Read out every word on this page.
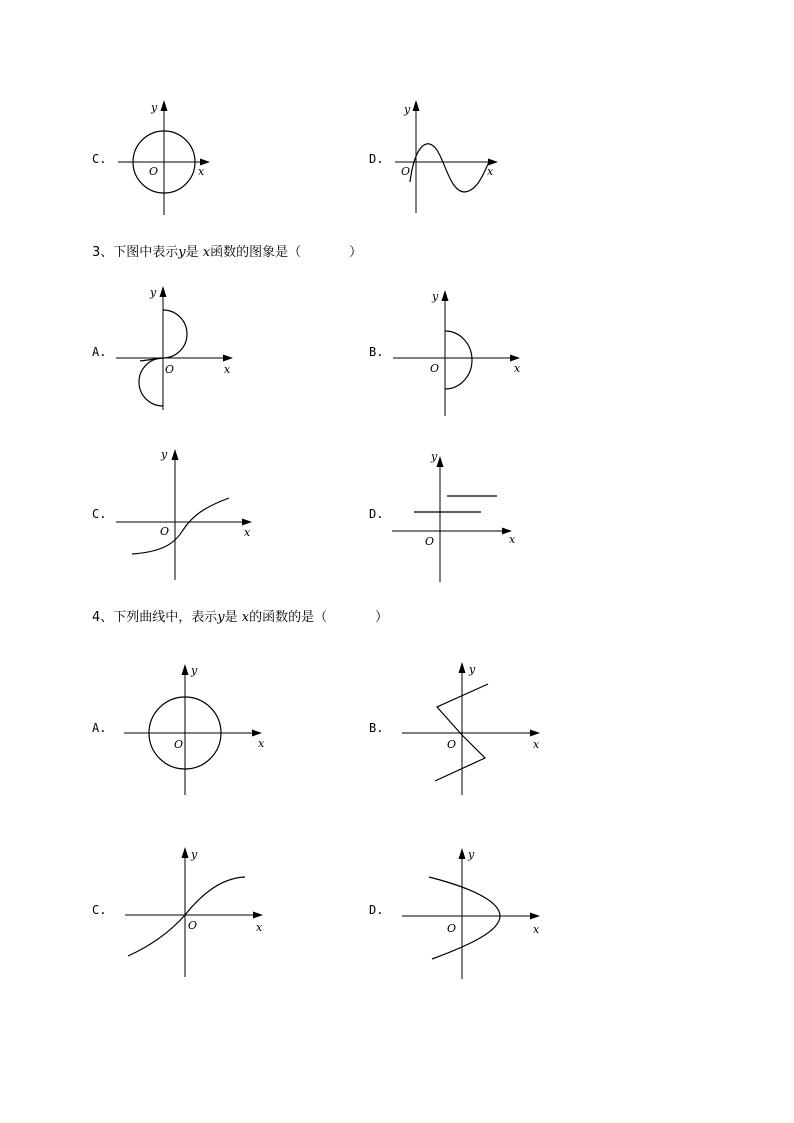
C.
y
x
O
D.
y
x
O
3、下图中表示y是 x函数的图象是（	）
A.
y
x
O
B.
y
x
O
C.
y
x
O
D.
y
x
O
4、下列曲线中，表示y是 x的函数的是（	）
A.
y
x
O
B.
y
x
O
C.
y
x
O
D.
y
x
O
